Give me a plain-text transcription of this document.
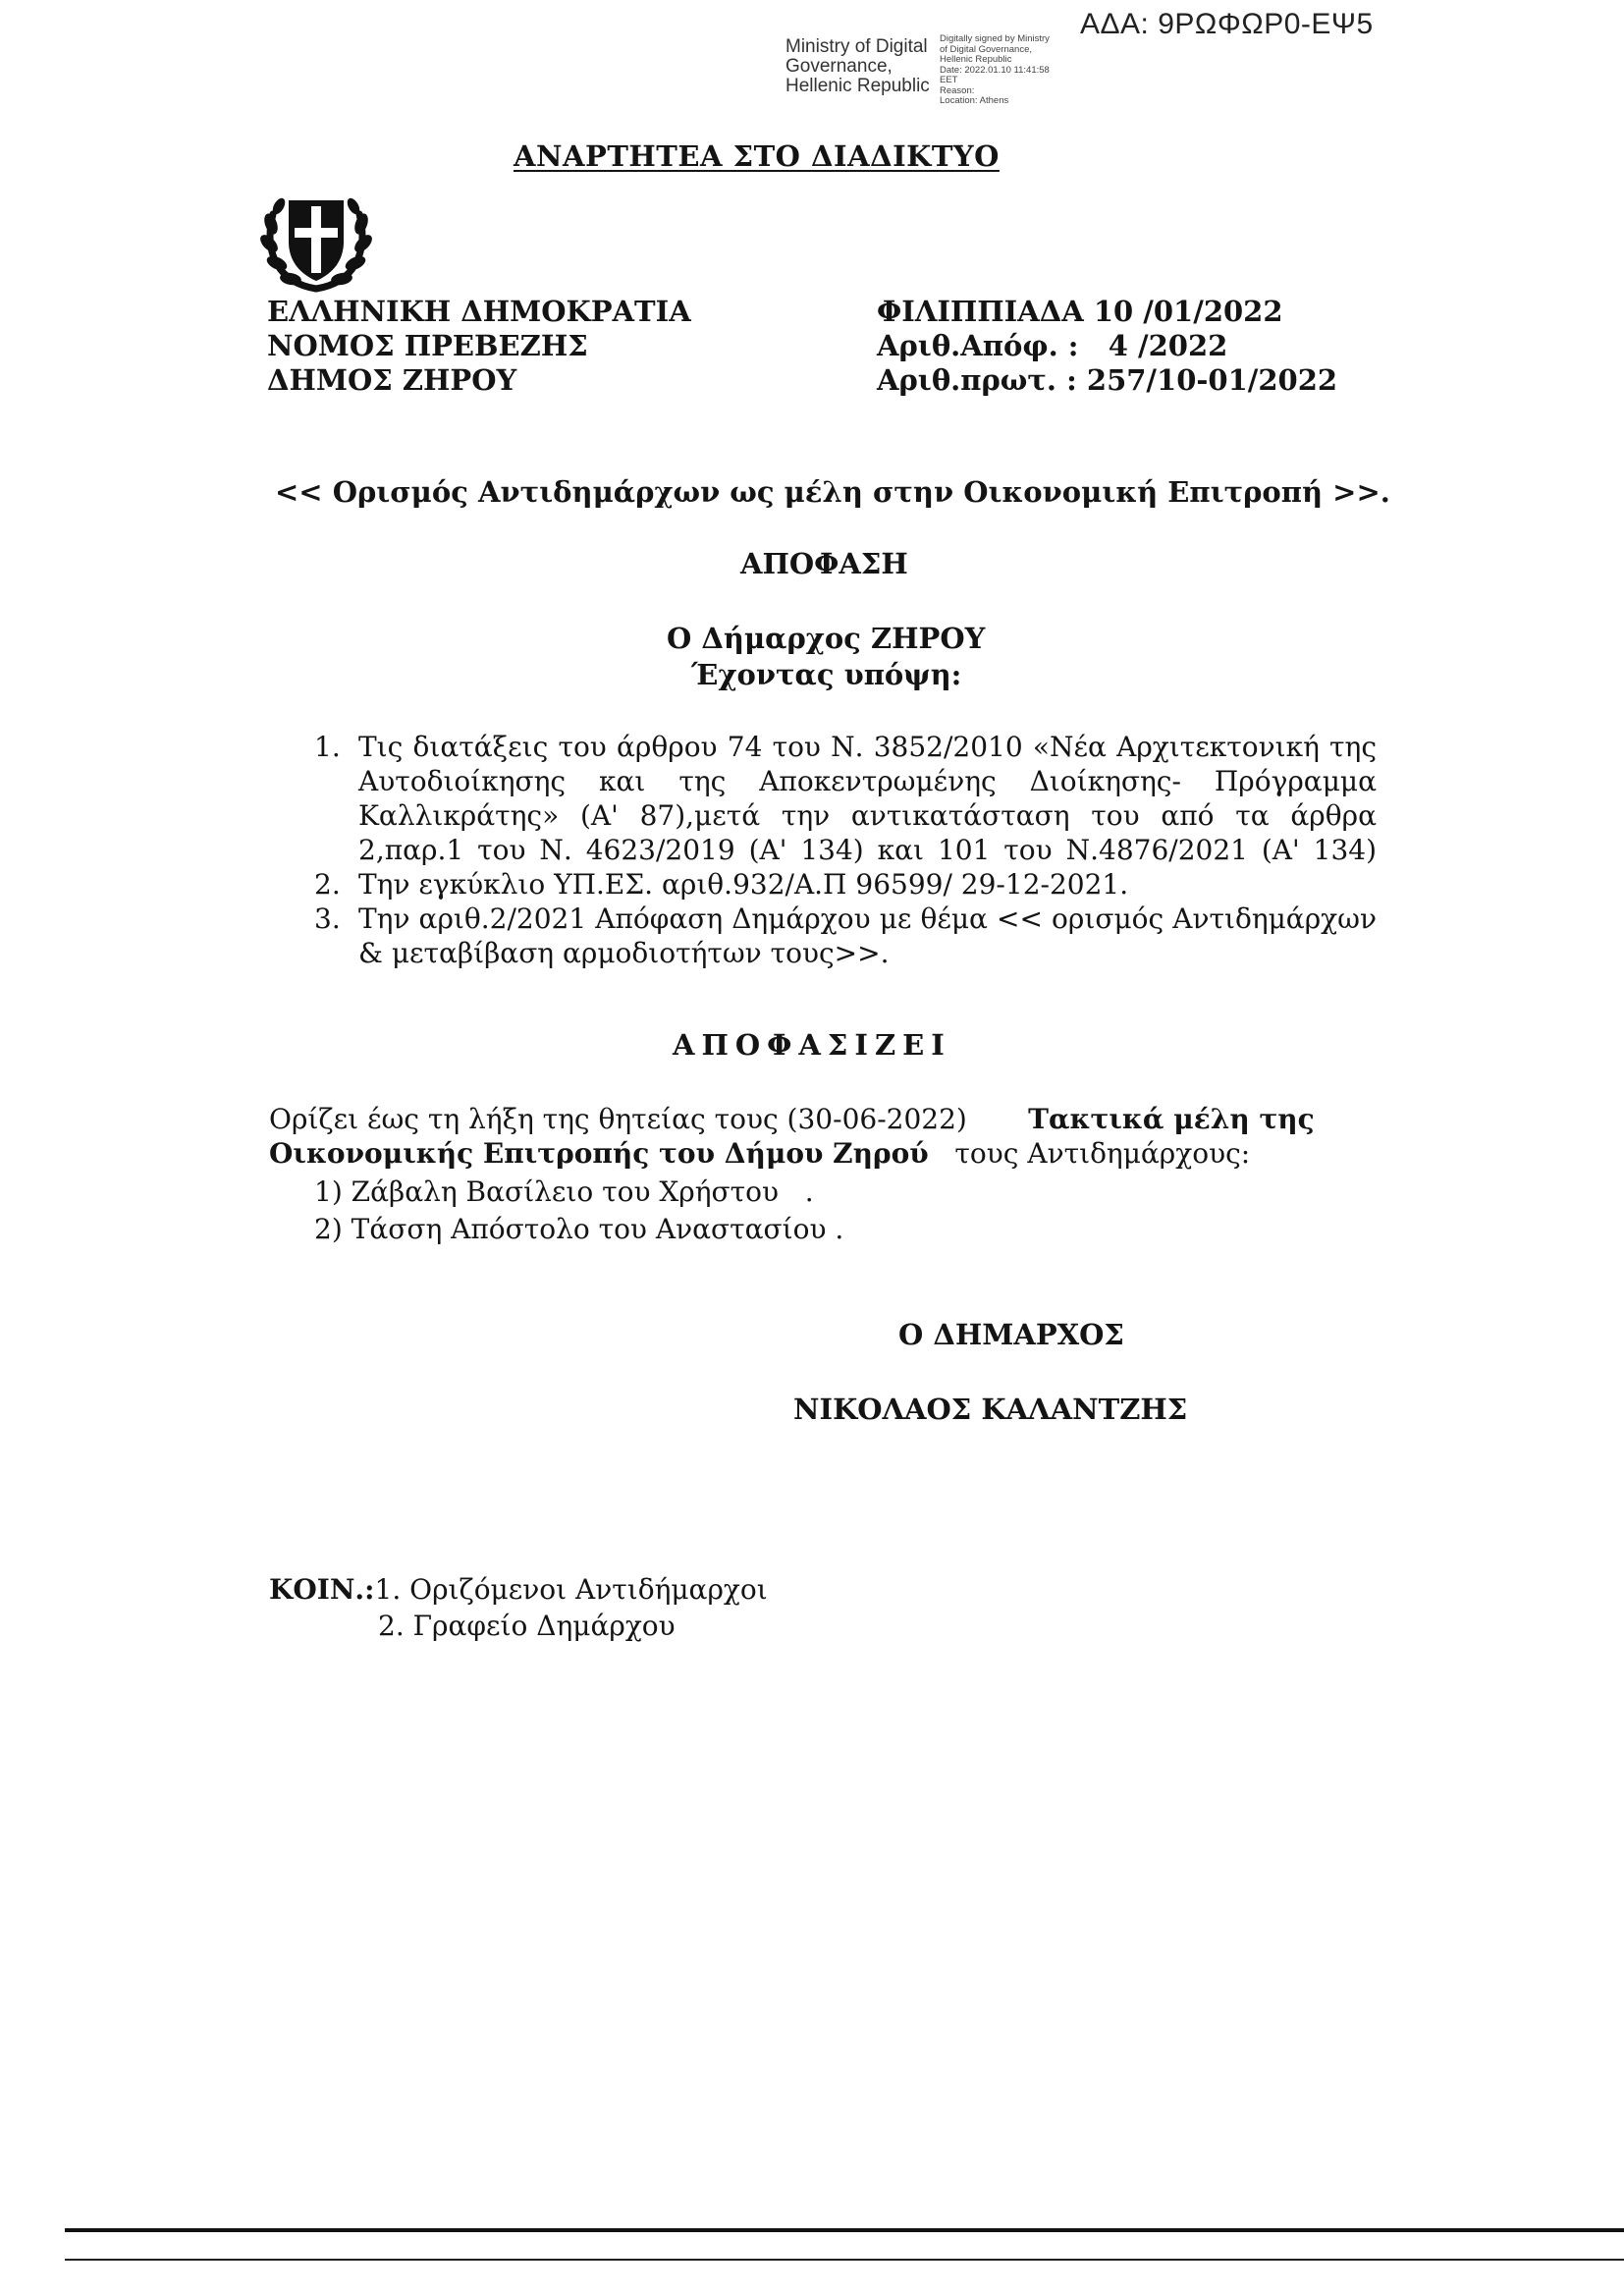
Ministry of Digital
Governance,
Hellenic Republic
Digitally signed by Ministry
of Digital Governance,
Hellenic Republic
Date: 2022.01.10 11:41:58
EET
Reason:
Location: Athens
ΑΔΑ: 9ΡΩΦΩΡ0-ΕΨ5
ΑΝΑΡΤΗΤΕΑ ΣΤΟ ΔΙΑΔΙΚΤΥΟ
ΕΛΛΗΝΙΚΗ ΔΗΜΟΚΡΑΤΙΑ
ΝΟΜΟΣ ΠΡΕΒΕΖΗΣ
ΔΗΜΟΣ ΖΗΡΟΥ
ΦΙΛΙΠΠΙΑΔΑ 10 /01/2022
Αριθ.Απόφ. :   4 /2022
Αριθ.πρωτ. : 257/10-01/2022
<< Ορισμός Αντιδημάρχων ως μέλη στην Οικονομική Επιτροπή >>.
ΑΠΟΦΑΣΗ
Ο Δήμαρχος ΖΗΡΟΥ
Έχοντας υπόψη:
1. Τις διατάξεις του άρθρου 74 του Ν. 3852/2010 «Νέα Αρχιτεκτονική της Αυτοδιοίκησης και της Αποκεντρωμένης Διοίκησης- Πρόγραμμα Καλλικράτης» (Α' 87),μετά την αντικατάσταση του από τα άρθρα 2,παρ.1 του Ν. 4623/2019 (Α' 134) και 101 του Ν.4876/2021 (Α' 134)
2. Την εγκύκλιο ΥΠ.ΕΣ. αριθ.932/Α.Π 96599/ 29-12-2021.
3. Την αριθ.2/2021 Απόφαση Δημάρχου με θέμα << ορισμός Αντιδημάρχων & μεταβίβαση αρμοδιοτήτων τους>>.
ΑΠΟΦΑΣΙΖΕΙ
Ορίζει έως τη λήξη της θητείας τους (30-06-2022) Τακτικά μέλη της Οικονομικής Επιτροπής του Δήμου Ζηρού τους Αντιδημάρχους:
1) Ζάβαλη Βασίλειο του Χρήστου   .
2) Τάσση Απόστολο του Αναστασίου .
Ο ΔΗΜΑΡΧΟΣ
ΝΙΚΟΛΑΟΣ ΚΑΛΑΝΤΖΗΣ
ΚΟΙΝ.:1. Οριζόμενοι Αντιδήμαρχοι
2. Γραφείο Δημάρχου
